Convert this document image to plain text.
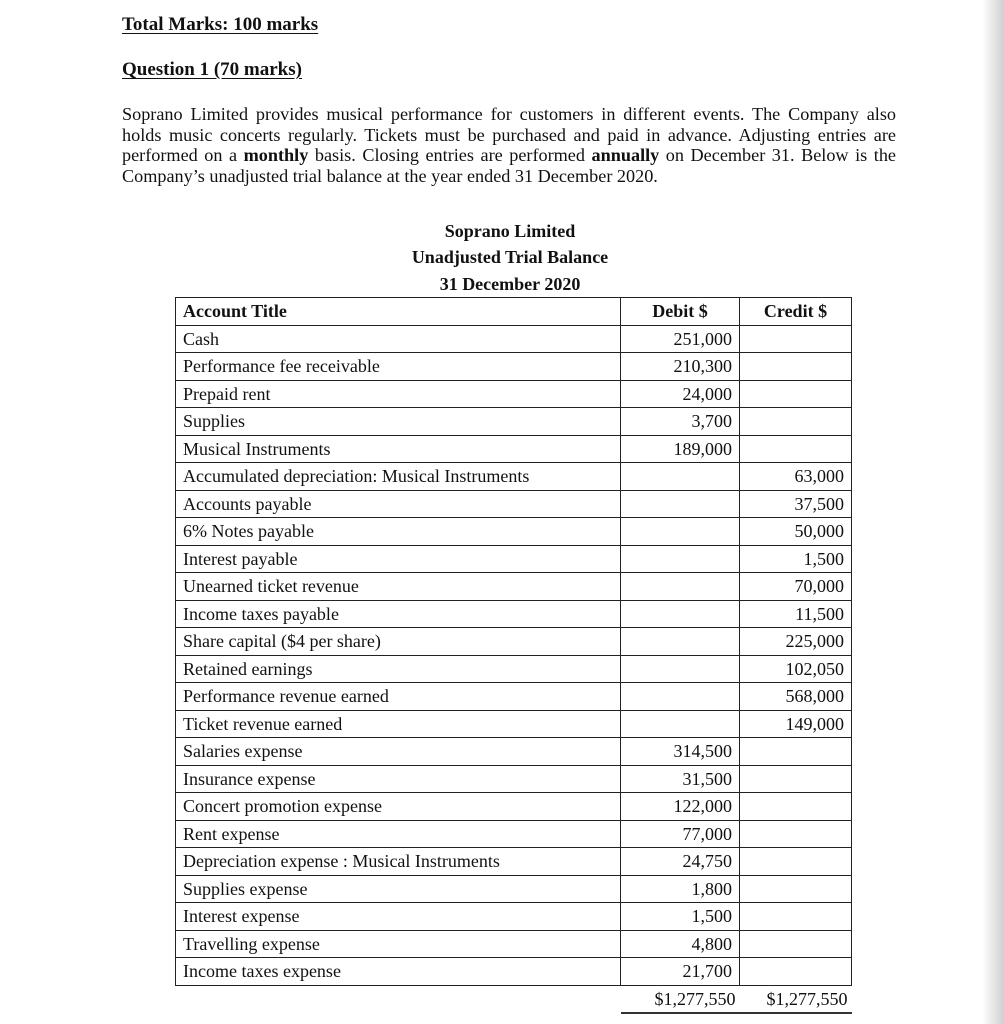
Total Marks: 100 marks
Question 1 (70 marks)

Soprano Limited provides musical performance for customers in different events. The Company also holds music concerts regularly. Tickets must be purchased and paid in advance. Adjusting entries are performed on a monthly basis. Closing entries are performed annually on December 31. Below is the Company’s unadjusted trial balance at the year ended 31 December 2020.

Soprano Limited
Unadjusted Trial Balance
31 December 2020
Account Title	Debit $	Credit $
Cash	251,000	
Performance fee receivable	210,300	
Prepaid rent	24,000	
Supplies	3,700	
Musical Instruments	189,000	
Accumulated depreciation: Musical Instruments		63,000
Accounts payable		37,500
6% Notes payable		50,000
Interest payable		1,500
Unearned ticket revenue		70,000
Income taxes payable		11,500
Share capital ($4 per share)		225,000
Retained earnings		102,050
Performance revenue earned		568,000
Ticket revenue earned		149,000
Salaries expense	314,500	
Insurance expense	31,500	
Concert promotion expense	122,000	
Rent expense	77,000	
Depreciation expense : Musical Instruments	24,750	
Supplies expense	1,800	
Interest expense	1,500	
Travelling expense	4,800	
Income taxes expense	21,700	
	$1,277,550	$1,277,550
